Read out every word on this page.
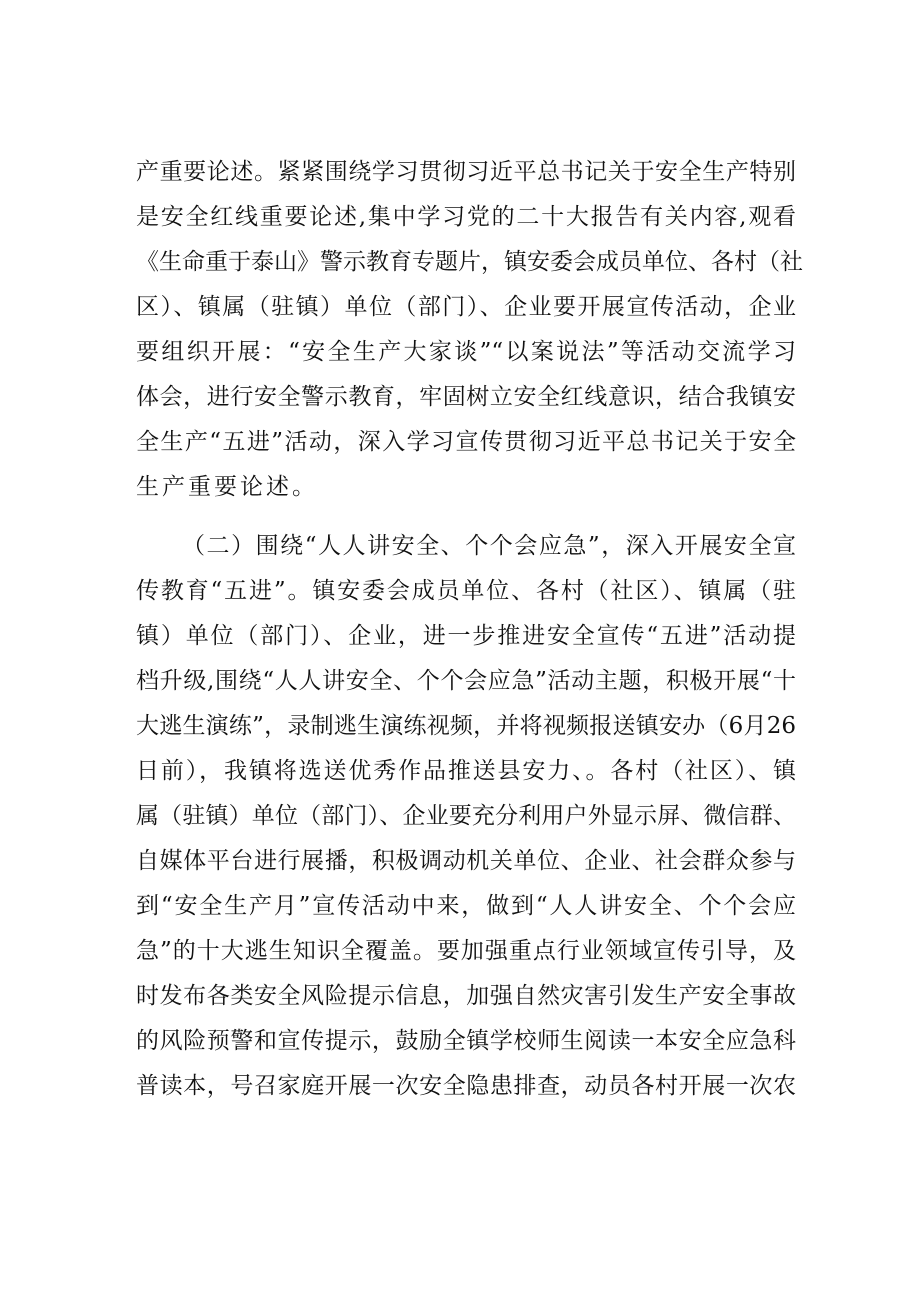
产重要论述。紧紧围绕学习贯彻习近平总书记关于安全生产特别
是安全红线重要论述,集中学习党的二十大报告有关内容,观看
《生命重于泰山》警示教育专题片，镇安委会成员单位、各村（社
区）、镇属（驻镇）单位（部门）、企业要开展宣传活动，企业
要组织开展：“安全生产大家谈”“以案说法”等活动交流学习
体会，进行安全警示教育，牢固树立安全红线意识，结合我镇安
全生产“五进”活动，深入学习宣传贯彻习近平总书记关于安全
生产重要论述。
（二）围绕“人人讲安全、个个会应急”，深入开展安全宣
传教育“五进”。镇安委会成员单位、各村（社区）、镇属（驻
镇）单位（部门）、企业，进一步推进安全宣传“五进”活动提
档升级,围绕“人人讲安全、个个会应急”活动主题，积极开展“十
大逃生演练”，录制逃生演练视频，并将视频报送镇安办（6月26
日前），我镇将选送优秀作品推送县安力、。各村（社区）、镇
属（驻镇）单位（部门）、企业要充分利用户外显示屏、微信群、
自媒体平台进行展播，积极调动机关单位、企业、社会群众参与
到“安全生产月”宣传活动中来，做到“人人讲安全、个个会应
急”的十大逃生知识全覆盖。要加强重点行业领域宣传引导，及
时发布各类安全风险提示信息，加强自然灾害引发生产安全事故
的风险预警和宣传提示，鼓励全镇学校师生阅读一本安全应急科
普读本，号召家庭开展一次安全隐患排查，动员各村开展一次农
